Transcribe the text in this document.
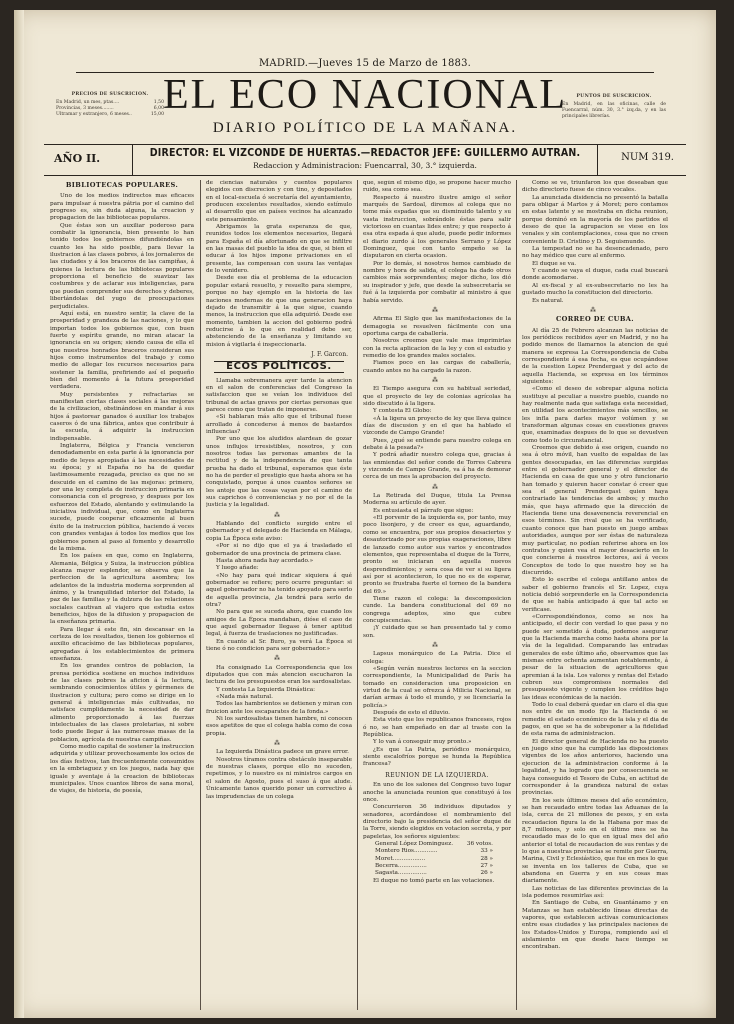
MADRID.—Jueves 15 de Marzo de 1883.
EL ECO NACIONAL
DIARIO POLÍTICO DE LA MAÑANA.
PRECIOS DE SUSCRICION.
En Madrid, un mes, ptas....	1,50
Provincias, 3 meses........	6,00
Ultramar y extranjero, 6 meses..	15,00
PUNTOS DE SUSCRICION.
En Madrid, en las oficinas, calle de Fuencarral, núm. 30, 3.° izq.da, y en las principales librerías.
AÑO II.	DIRECTOR: EL VIZCONDE DE HUERTAS.—REDACTOR JEFE: GUILLERMO AUTRAN.
Redaccion y Administracion: Fuencarral, 30, 3.° izquierda.
NUM 319.
BIBLIOTECAS POPULARES.

Uno de los medios indirectos mas eficaces para impulsar á nuestra pátria por el camino del progreso es, sin duda alguna, la creacion y propagacion de las bibliotecas populares.

Que éstas son un auxiliar poderoso para combatir la ignorancia, bien presente lo han tenido todos los gobiernos difundiéndolas en cuanto les ha sido posible, para llevar la ilustracion á las clases pobres, á los jornaleros de las ciudades y á los braceros de las campiñas, á quienes la lectura de las bibliotecas populares proporciona el beneficio de suavizar las costumbres y de aclarar sus inteligencias, para que puedan comprender sus derechos y deberes, libertándolas del yugo de preocupaciones perjudiciales.

Aquí está, en nuestro sentir, la clave de la prosperidad y grandeza de las naciones, y lo que importan todos los gobiernos que, con buen fuerte y espíritu grande, no miran atacar la ignorancia en su origen; siendo causa de ella el que nuestros honrados braceros consideran sus hijos como instrumentos del trabajo y como medio de allegar los recursos necesarios para sostener la familia, prefiriendo así el pequeño bien del momento á la futura prosperidad verdadera.

Muy persistentes y refractarias se manifiestan ciertas clases sociales á las mejoras de la civilizacion, obstinándose en mandar á sus hijos á pastorear ganados ó auxiliar los trabajos caseros ó de una fábrica, antes que contribuir á la escuela, á adquirir la instruccion indispensable.

Inglaterra, Bélgica y Francia vencieron denodadamente en esta parte á la ignorancia por medio de leyes apropiadas á las necesidades de su época; y si España no ha de quedar lastimosamente rezagada, preciso es que no se descuide en el camino de las mejoras: primero, por una ley completa de instruccion primaria en consonancia con el progreso, y despues por los esfuerzos del Estado, alentando y estimulando la iniciativa individual, que, como en Inglaterra sucede, puede cooperar eficazmente al buen éxito de la instruccion pública, haciendo á veces con grandes ventajas á todos los medios que los gobiernos ponen al paso al fomento y desarrollo de la misma.

En los países en que, como en Inglaterra, Alemania, Bélgica y Suiza, la instruccion pública alcanza mayor esplendor, se observa que la perfeccion de la agricultura asombra; los adelantos de la industria moderna sorprenden al ánimo, y la tranquilidad interior del Estado, la paz de las familias y la dulzura de las relaciones sociales cautivan al viajero que estudia estos beneficios, hijos de la difusion y propagacion de la enseñanza primaria.

Para llegar á este fin, sin descansar en la certeza de los resultados, tienen los gobiernos el auxilio eficacísimo de las bibliotecas populares, agregadas á los establecimientos de primera enseñanza.

En los grandes centros de poblacion, la prensa periódica sostiene en muchos individuos de las clases pobres la aficion á la lectura, sembrando conocimientos útiles y gérmenes de ilustracion y cultura; pero como se dirige en lo general á inteligencias más cultivadas, no satisface cumplidamente la necesidad de dar alimento proporcionado á las fuerzas intelectuales de las clases proletarias, ni sobre todo puede llegar á las numerosas masas de la poblacion, agrícola de nuestras campiñas.

Como medio capital de sostener la instruccion adquirida y utilizar provechosamente los ocios de los días festivos, tan frecuentemente consumidos en la embriaguez y en los juegos, nada hay que iguale y aventaje á la creacion de bibliotecas municipales. Unos cuantos libros de sana moral, de viajes, de historia, de poesía,

de ciencias naturales y cuentos populares elegidos con discrecion y con tino, y depositados en el local-escuela ó secretaría del ayuntamiento, producen excelentes resultados, siendo estímulo al desarrollo que en países vecinos ha alcanzado este pensamiento.

Abrigamos la grata esperanza de que, reunidos todos los elementos necesarios, llegará para España el día afortunado en que se infiltre en las masas del pueblo la idea de que, si bien el educar á los hijos impone privaciones en el presente, las compensan con usura las ventajas de lo venidero.

Desde ese día el problema de la educacion popular estará resuelto, y resuelto para siempre, porque no hay ejemplo en la historia de las naciones modernas de que una generacion haya dejado de transmitir á la que sigue, cuando menos, la instruccion que ella adquirió. Desde ese momento, tambien la accion del gobierno podrá reducirse á lo que en realidad debe ser, abstenciendo de la enseñanza y limitando su mision á vigilarla é inspeccionarla.

J. F. Garcon.
ECOS POLÍTICOS.

Llamaba sobremanera ayer tarde la atencion en el salon de conferencias del Congreso la satisfaccion que se veían los individuos del tribunal de actas graves por ciertas personas que parece como que tratan de imponerse.

«Si hablaran más alto que el tribunal fuese arrollado á concederse á menos de bastardos influencias?

Por uno que los aludidos alardean de gozar unos influjos irresistibles, nosotros, y con nosotros todas las personas amantes de la rectitud y de la independencia de que tanta prueba ha dado el tribunal, esperamos que éste no ha de perder el prestigio que hasta ahora se ha conquistado, porque á unos cuantos señores se les antoje que las cosas vayan por el camino de sus caprichos ó conveniencias y no por el de la justicia y la legalidad.

⁂

Hablando del conflicto surgido entre el gobernador y el delegado de Hacienda en Málaga, copia La Época este aviso:

«Por si no dijo que el ya á trasladado el gobernador de una provincia de primera clase.

Hasta ahora nada hay acordado.»

Y luego añade:

«No hay para qué indicar siquiera á qué gobernador se refiere; pero ocurre preguntar: si aquel gobernador no ha tenido apoyado para serlo de aquella provincia, ¿la tendrá para serlo de otra?

No para que se suceda ahora, que cuando los amigos de La Época mandaban, dióse el caso de que aquel gobernador llegase á tener aptitud legal, á fuerza de traslaciones no justificadas.

En cuanto al Sr. Buro, ya verá La Época si tiene ó no condicion para ser gobernador.»

⁂

Ha consignado La Correspondencia que los diputados que con más atencion escucharon la lectura de los presupuestos eran los sardosalistas.

Y contesta La Izquierda Dinástica:

«Nada más natural.

Todos las hambrientos se detienen y miran con fruicion ante los escaparates de la fonda.»

Ni los sardosalistas tienen hambre, ni conocen esos apetitos de que el colega habla como de cosa propia.

⁂

La Izquierda Dinástica padece un grave error.

Nosotros tíramos contra obstáculo inseparable de nuestras clases, porque ello no suceden, repetimos, y lo nuestro es ni ministros cargos en el salon de Agosto, pues el suso á que alude. Únicamente tanos querido poner un correctivo á las imprudencias de un colega

que, según el mismo dijo, se propone hacer mucho ruido, sea como sea.

Respecto á nuestro ilustre amigo el señor marqués de Sardoal, diremos al colega que no tome más espadas que su disminuido talento y su vasta instruccion, sobrándole éstas para salir victorioso en cuantas lides entre; y que respecto á esa otra espada á que alude, puede pedir informes el diario zurdo á los generales Serrano y López Dominguez, que con tanto empeño se la disputaron en cierta ocasion.

Por lo demás, si nosotros hemos cambiado de nombre y hora de salida, el colega ha dado otros cambios más sorprendentes; mejor dicho, los dió su inspirador y jefe, que desde la subsecretaría se fué á la izquierda por combatir al ministro á que había servido.

⁂

Afirma El Siglo que las manifestaciones de la demagogia se resuelven fácilmente con una oportuna carga de caballería.

Nosotros creemos que vale mas imprimirlas con la recta aplicacion de la ley y con el estudio y remedio de los grandes males sociales.

Fiamos poco en las cargas de caballería, cuando antes no ha cargado la razon.

⁂

El Tiempo asegura con su habitual seriedad, que el proyecto de ley de colonias agrícolas ha sido discutido á la ligera.

Y contesta El Globo:

«Á la ligera un proyecto de ley que lleva quince días de discusion y en el que ha hablado el vizconde de Campo Grande!

Pues, ¿qué se entiende para nuestro colega en debate á la pesada?»

Y podrá añadir nuestro colega que, gracias á las enmiendas del señor conde de Torres Cabrera y vizconde de Campo Grande, va á ha de demorar cerca de un mes la aprobacion del proyecto.

⁂

La Retirada del Duque, titula La Prensa Moderna su artículo de ayer.

Es entusiasta el párrafo que sigue:

«El porvenir de la izquierda es, por tanto, muy poco lisonjero, y de creer es que, aguardando, como se encuentra, por sus propios desaciertos y desautorizado por sus propias exageraciones, libre de lanzado como autor sus varios y encontrados elementos, que representaba el duque de la Torre, pronto se iniciaran en aquella nuevos desprendimientos; y sera cosa de ver si su ligera así por si acontecieron, lo que no es de esperar, pronto se frustraba fuerte el torneo de la bandera del 69.»

Tiene razon el colega: la descomposicion cunde. La bandera constitucional del 69 no congrega adeptos, sino que cubre concupiscencias.

¡Y cuidado que se han presentado tal y como son.

⁂

Lapsus monárquico de La Patria. Dice el colega:

«Según verán nuestros lectores en la seccion correspondiente, la Municipalidad de París ha tomado en consideracion una proposicion en virtud de la cual se ofrezca á Milicia Nacional, se darían armas á todo el mundo, y se licenciaría la policía.»

Después de esto el diluvio.

Esta visto que los republicanos franceses, rojos ó no, se han empeñado en dar al traste con la República.

Y lo van á conseguir muy pronto.»

¿Es que La Patria, periódico monárquico, siente escalofríos porque se hunda la República francesa?

REUNION DE LA IZQUIERDA.

En uno de los salones del Congreso tuvo lugar anoche la anunciada reunion que constituyó á los once.

Concurrieron 36 individuos diputados y senadores, acordándose el nombramiento del directorio bajo la presidencia del señor duque de la Torre, siendo elegidos en votacion secreta, y por papeletas, los señores siguientes:

General López Dominguez. 36 votos.
Montero Rios.............	33 »
Moret..................	28 »
Becerra................	27 »
Sagasta................	26 »

El duque no tomó parte en las votaciones.

Como se ve, triunfaron los que deseaban que dicho directorio fuese de cinco vocales.

La anunciada disidencia no presentó la batalla para obligar á Martos y á Moret; pero contamos en estas latente y se mostraba en dicha reunion, porque dominó en la mayoría de los partidos el deseo de que la agrupacion se viese en los venales y sin contemplaciones, cosa que no creen conveniente D. Cristino y D. Seguismundo.

La tempestad no se ha desencadenado, pero no hay médico que cure al enfermo.

El duque se va.

Y cuando se vaya el duque, cada cual buscará donde acomodarse.

Al ex-fiscal y al ex-subsecretario no les ha gustado mucho la constitucion del directorio.

Es natural.

⁂
CORREO DE CUBA.

Al día 25 de Febrero alcanzan las noticias de los periódicos recibidos ayer en Madrid, y no ha podido menos de llamarnos la atencion de qué manera se expresa La Correspondencia de Cuba correspondiente á esa fecha, es que ocupándose de la cuestion Lopez Prendergast y del acto de aquella Hacienda, se expresa en los términos siguientes:

«Como el deseo de sobrepar alguna noticia sustituye al peculiar a nuestro pueblo, cuando no hay realmente nada que satisfaga esta necesidad, en utilidad los acontecimientos más sencillos, se les infla para darles mayor volúmen y se transforman algunas cosas en cuestiones graves que, examinadas despues de lo que se devuelven como todo lo circunstancial.

Creemos que debido á ese origen, cuando no sea á otro móvil, han vuelto de espaldas de las gentes desocupadas, en las diferencias surgidas entre el gobernador general y el director de Hacienda en casa de que uno y otro funcionario han tomado y quieren hacer constar ó creer que sea el general Prendergast quien haya contrariado las tendencias de ambos; y mucho más, que haya afirmado que la dirección de Hacienda tiene una desavenencia reverencial en esos términos. Sin rival que se ha verificado, cuanto conoce que han puesto en juego ambas autoridades, aunque por ser éstas de naturaleza muy particular, no podían referirse ahora en los contratos y quien vea el mayor desacierto en lo que concierne á nuestros lectores, así á veces Conceptos de todo lo que nuestro hoy se ha discurrido.

Esto lo escribe el colega antillano antes de saber el gobierno francés el Sr. Lopez, cuya noticia debió sorprenderle en la Correspondencia de que se había anticipado á que tal acto se verificase.

«Correspondiéndonos, como se nos ha anticipado, el decir con verdad lo que pasa y no puede ser sometido á duda, podemos asegurar que la Hacienda marcha como hasta ahora por la vía de la legalidad. Comparando las entradas generales de este último año, observamos que las mismas entre ochenta aumentan notablemente, á pesar de la situacion de agricultores que apremian á la isla. Los valores y rentas del Estado cubren sus compromisos normales del presupuesto vigente y cumplen los créditos bajo las ideas económicas de la nación.

Todo lo cual deberá quedar en claro el dia que nos entre de un modo fijo la Hacienda ó se remedie el estado económico de la isla y el dia de pagos, en que se ha de sobreponer a la fidelidad de esta rama de administracion.

El director general de Hacienda no ha puesto en juego sino que ha cumplido las disposiciones vigentes de los años anteriores, haciendo una ejecucion de la administracion conforme á la legalidad, y ha logrado que por consecuencia se haya conseguido el Tesoro de Cuba, en actitud de corresponder á la grandeza natural de estas provincias.

En los seis últimos meses del año económico, se han recaudado entre todas las Aduanas de la isla, cerca de 21 millones de pesos, y en esta recaudacion figura la de la Habana por mas de 8,7 millones, y solo en el último mes se ha recaudado mas de lo que en igual mes del año anterior el total de recaudacion de sus rentas y de lo que a nuestras provincias se remite por Guerra, Marina, Civil y Eclesiástico, que fue en mes lo que se inventa en los talleres de Cuba, que se abandona en Guerra y en sus cosas mas diariamente.

Las noticias de las diferentes provincias de la isla podemos resumirlas así:

En Santiago de Cuba, en Guantánamo y en Matanzas se han establecido líneas directas de vapores, que establecen activas comunicaciones entre esas ciudades y las principales naciones de los Estados-Unidos y Europa, rompiendo así el aislamiento en que desde hace tiempo se encontraban.
